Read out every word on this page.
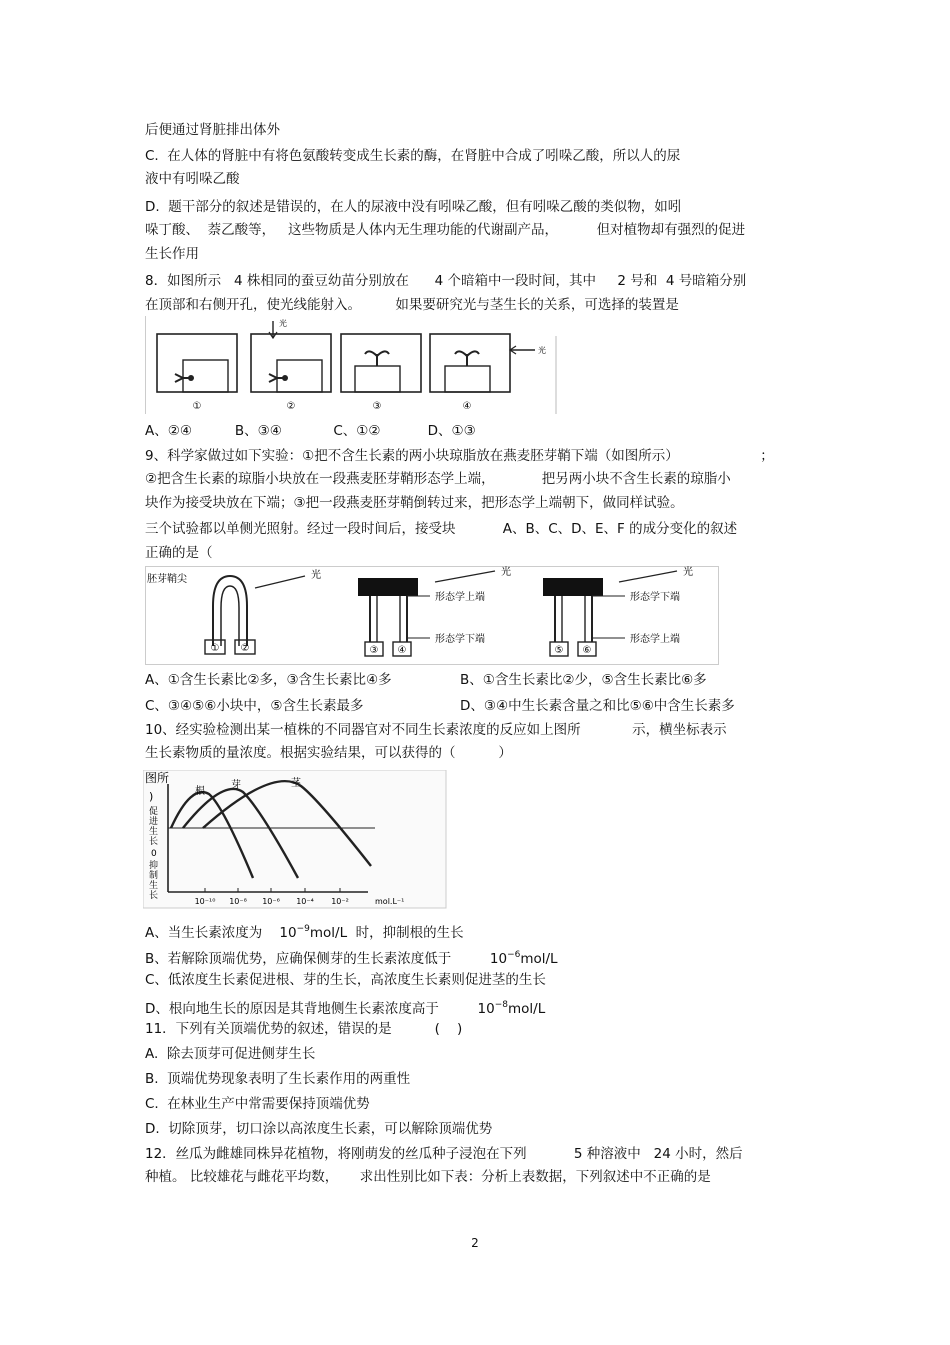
后便通过肾脏排出体外
C.  在人体的肾脏中有将色氨酸转变成生长素的酶，在肾脏中合成了吲哚乙酸，所以人的尿
液中有吲哚乙酸
D.  题干部分的叙述是错误的，在人的尿液中没有吲哚乙酸，但有吲哚乙酸的类似物，如吲
哚丁酸、  萘乙酸等，   这些物质是人体内无生理功能的代谢副产品，         但对植物却有强烈的促进
生长作用
8．如图所示   4 株相同的蚕豆幼苗分别放在      4 个暗箱中一段时间，其中     2 号和  4 号暗箱分别
在顶部和右侧开孔，使光线能射入。        如果要研究光与茎生长的关系，可选择的装置是
①
光
②	③
光
④
A、②④          B、③④            C、①②           D、①③
9、科学家做过如下实验：①把不含生长素的两小块琼脂放在燕麦胚芽鞘下端（如图所示）                   ；
②把含生长素的琼脂小块放在一段燕麦胚芽鞘形态学上端，           把另两小块不含生长素的琼脂小
块作为接受块放在下端；③把一段燕麦胚芽鞘倒转过来，把形态学上端朝下，做同样试验。
三个试验都以单侧光照射。经过一段时间后，接受块           A、B、C、D、E、F 的成分变化的叙述
正确的是（
胚芽鞘尖	光
① ②
光
形态学上端
形态学下端
③ ④
光
形态学下端
形态学上端
⑤ ⑥
A、①含生长素比②多，③含生长素比④多	B、①含生长素比②少，⑤含生长素比⑥多
C、③④⑤⑥小块中，⑤含生长素最多	D、③④中生长素含量之和比⑤⑥中含生长素多
10、经实验检测出某一植株的不同器官对不同生长素浓度的反应如上图所            示，横坐标表示
生长素物质的量浓度。根据实验结果，可以获得的（          ）
图所
)
促
进
生
长
0
抑
制
生
长
根
芽	茎
10⁻¹⁰ 10⁻⁸ 10⁻⁶ 10⁻⁴ 10⁻²	mol.L⁻¹
A、当生长素浓度为    $10^{-9}mol/L$  时，抑制根的生长
B、若解除顶端优势，应确保侧芽的生长素浓度低于         $10^{-6}mol/L$
C、低浓度生长素促进根、芽的生长，高浓度生长素则促进茎的生长
D、根向地生长的原因是其背地侧生长素浓度高于         $10^{-8}mol/L$
11．下列有关顶端优势的叙述，错误的是          (    )
A.  除去顶芽可促进侧芽生长
B.  顶端优势现象表明了生长素作用的两重性
C.  在林业生产中常需要保持顶端优势
D.  切除顶芽，切口涂以高浓度生长素，可以解除顶端优势
12．丝瓜为雌雄同株异花植物，将刚萌发的丝瓜种子浸泡在下列           5 种溶液中   24 小时，然后
种植。 比较雄花与雌花平均数，     求出性别比如下表：分析上表数据，下列叙述中不正确的是
2
